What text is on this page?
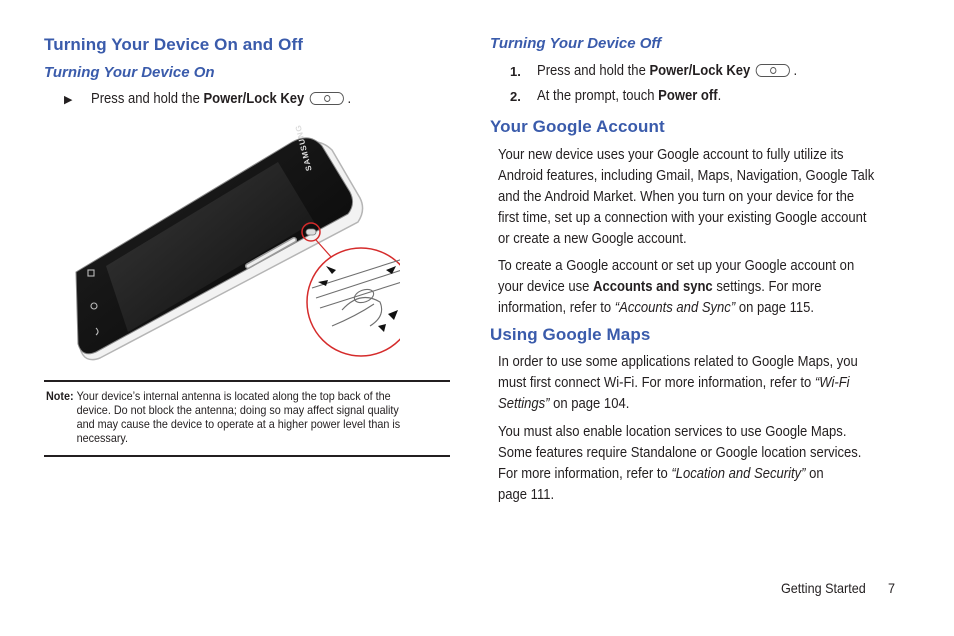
Turning Your Device On and Off
Turning Your Device On
▶ Press and hold the Power/Lock Key	.
SAMSUNG
Note: Your device’s internal antenna is located along the top back of the
device. Do not block the antenna; doing so may affect signal quality
and may cause the device to operate at a higher power level than is
necessary.
Turning Your Device Off
1. Press and hold the Power/Lock Key	.
2. At the prompt, touch Power off.
Your Google Account
Your new device uses your Google account to fully utilize its
Android features, including Gmail, Maps, Navigation, Google Talk
and the Android Market. When you turn on your device for the
first time, set up a connection with your existing Google account
or create a new Google account.
To create a Google account or set up your Google account on
your device use Accounts and sync settings. For more
information, refer to “Accounts and Sync” on page 115.
Using Google Maps
In order to use some applications related to Google Maps, you
must first connect Wi-Fi. For more information, refer to “Wi-Fi
Settings” on page 104.
You must also enable location services to use Google Maps.
Some features require Standalone or Google location services.
For more information, refer to “Location and Security” on
page 111.
Getting Started 7
